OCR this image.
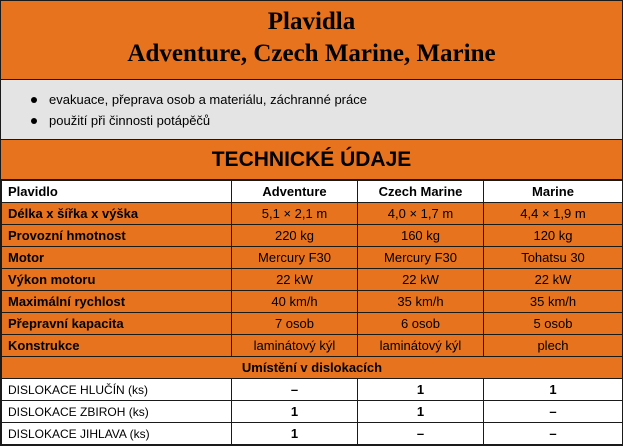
Plavidla
Adventure, Czech Marine, Marine
evakuace, přeprava osob a materiálu, záchranné práce
použití při činnosti potápěčů
TECHNICKÉ ÚDAJE
Plavidlo	Adventure	Czech Marine	Marine
Délka x šířka x výška	5,1 × 2,1 m	4,0 × 1,7 m	4,4 × 1,9 m
Provozní hmotnost	220 kg	160 kg	120 kg
Motor	Mercury F30	Mercury F30	Tohatsu 30
Výkon motoru	22 kW	22 kW	22 kW
Maximální rychlost	40 km/h	35 km/h	35 km/h
Přepravní kapacita	7 osob	6 osob	5 osob
Konstrukce	laminátový kýl	laminátový kýl	plech
Umístění v dislokacích			
DISLOKACE HLUČÍN (ks)	–	1	1
DISLOKACE ZBIROH (ks)	1	1	–
DISLOKACE JIHLAVA (ks)	1	–	–
